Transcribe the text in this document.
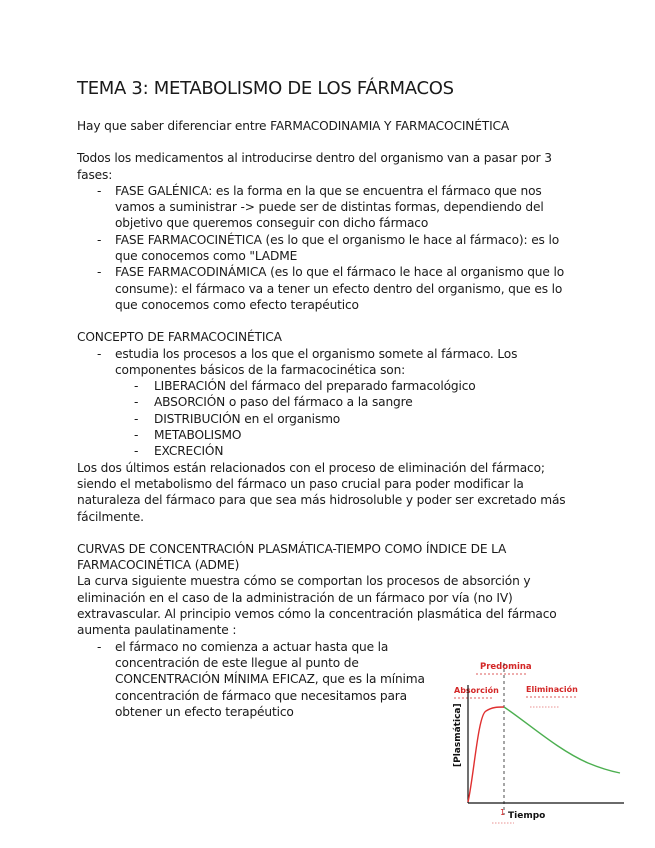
TEMA 3: METABOLISMO DE LOS FÁRMACOS

Hay que saber diferenciar entre FARMACODINAMIA Y FARMACOCINÉTICA

Todos los medicamentos al introducirse dentro del organismo van a pasar por 3 fases:

- FASE GALÉNICA: es la forma en la que se encuentra el fármaco que nos vamos a suministrar -> puede ser de distintas formas, dependiendo del objetivo que queremos conseguir con dicho fármaco
- FASE FARMACOCINÉTICA (es lo que el organismo le hace al fármaco): es lo que conocemos como "LADME
- FASE FARMACODINÁMICA (es lo que el fármaco le hace al organismo que lo consume): el fármaco va a tener un efecto dentro del organismo, que es lo que conocemos como efecto terapéutico

CONCEPTO DE FARMACOCINÉTICA

- estudia los procesos a los que el organismo somete al fármaco. Los componentes básicos de la farmacocinética son:
- LIBERACIÓN del fármaco del preparado farmacológico
- ABSORCIÓN o paso del fármaco a la sangre
- DISTRIBUCIÓN en el organismo
- METABOLISMO
- EXCRECIÓN

Los dos últimos están relacionados con el proceso de eliminación del fármaco; siendo el metabolismo del fármaco un paso crucial para poder modificar la naturaleza del fármaco para que sea más hidrosoluble y poder ser excretado más fácilmente.

CURVAS DE CONCENTRACIÓN PLASMÁTICA-TIEMPO COMO ÍNDICE DE LA FARMACOCINÉTICA (ADME)

La curva siguiente muestra cómo se comportan los procesos de absorción y eliminación en el caso de la administración de un fármaco por vía (no IV) extravascular. Al principio vemos cómo la concentración plasmática del fármaco aumenta paulatinamente :

- el fármaco no comienza a actuar hasta que la concentración de este llegue al punto de CONCENTRACIÓN MÍNIMA EFICAZ, que es la mínima concentración de fármaco que necesitamos para obtener un efecto terapéutico
Predomina
Absorción	Eliminación
[Plasmática]
Tiempo
1
